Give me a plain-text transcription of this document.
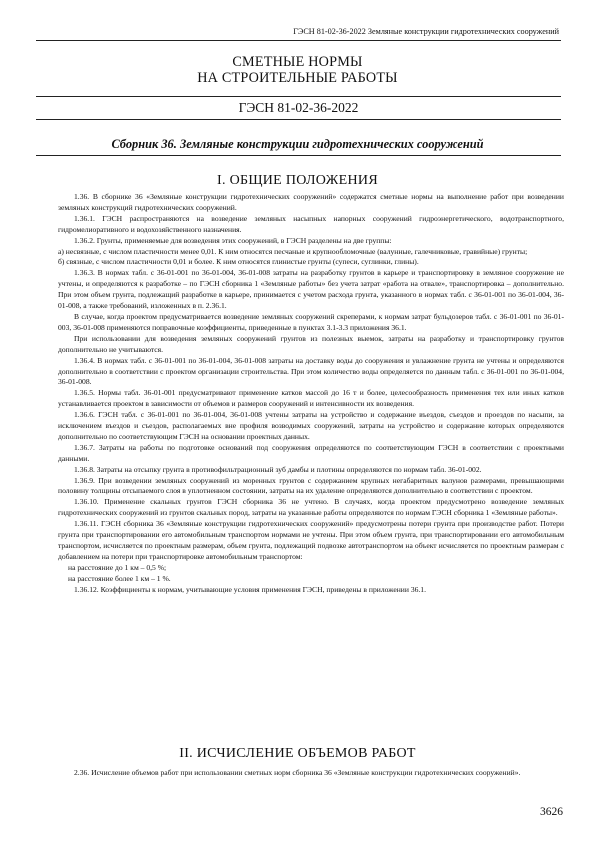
ГЭСН 81-02-36-2022 Земляные конструкции гидротехнических сооружений
СМЕТНЫЕ НОРМЫ
НА СТРОИТЕЛЬНЫЕ РАБОТЫ
ГЭСН 81-02-36-2022
Сборник 36. Земляные конструкции гидротехнических сооружений
I. ОБЩИЕ ПОЛОЖЕНИЯ

1.36. В сборнике 36 «Земляные конструкции гидротехнических сооружений» содержатся сметные нормы на выполнение работ при возведении земляных конструкций гидротехнических сооружений.

1.36.1. ГЭСН распространяются на возведение земляных насыпных напорных сооружений гидроэнергетического, водотранспортного, гидромелиоративного и водохозяйственного назначения.

1.36.2. Грунты, применяемые для возведения этих сооружений, в ГЭСН разделены на две группы:

а) несвязные, с числом пластичности менее 0,01. К ним относятся песчаные и крупнообломочные (валунные, галечниковые, гравийные) грунты;

б) связные, с числом пластичности 0,01 и более. К ним относятся глинистые грунты (супеси, суглинки, глины).

1.36.3. В нормах табл. с 36-01-001 по 36-01-004, 36-01-008 затраты на разработку грунтов в карьере и транспортировку в земляное сооружение не учтены, и определяются к разработке – по ГЭСН сборника 1 «Земляные работы» без учета затрат «работа на отвале», транспортировка – дополнительно. При этом объем грунта, подлежащий разработке в карьере, принимается с учетом расхода грунта, указанного в нормах табл. с 36-01-001 по 36-01-004, 36-01-008, а также требований, изложенных в п. 2.36.1.

В случае, когда проектом предусматривается возведение земляных сооружений скреперами, к нормам затрат бульдозеров табл. с 36-01-001 по 36-01-003, 36-01-008 применяются поправочные коэффициенты, приведенные в пунктах 3.1-3.3 приложения 36.1.

При использовании для возведения земляных сооружений грунтов из полезных выемок, затраты на разработку и транспортировку грунтов дополнительно не учитываются.

1.36.4. В нормах табл. с 36-01-001 по 36-01-004, 36-01-008 затраты на доставку воды до сооружения и увлажнение грунта не учтены и определяются дополнительно в соответствии с проектом организации строительства. При этом количество воды определяется по данным табл. с 36-01-001 по 36-01-004, 36-01-008.

1.36.5. Нормы табл. 36-01-001 предусматривают применение катков массой до 16 т и более, целесообразность применения тех или иных катков устанавливается проектом в зависимости от объемов и размеров сооружений и интенсивности их возведения.

1.36.6. ГЭСН табл. с 36-01-001 по 36-01-004, 36-01-008 учтены затраты на устройство и содержание въездов, съездов и проездов по насыпи, за исключением въездов и съездов, располагаемых вне профиля возводимых сооружений, затраты на устройство и содержание которых определяются дополнительно по соответствующим ГЭСН на основании проектных данных.

1.36.7. Затраты на работы по подготовке оснований под сооружения определяются по соответствующим ГЭСН в соответствии с проектными данными.

1.36.8. Затраты на отсыпку грунта в противофильтрационный зуб дамбы и плотины определяются по нормам табл. 36-01-002.

1.36.9. При возведении земляных сооружений из моренных грунтов с содержанием крупных негабаритных валунов размерами, превышающими половину толщины отсыпаемого слоя в уплотненном состоянии, затраты на их удаление определяются дополнительно в соответствии с проектом.

1.36.10. Применение скальных грунтов ГЭСН сборника 36 не учтено. В случаях, когда проектом предусмотрено возведение земляных гидротехнических сооружений из грунтов скальных пород, затраты на указанные работы определяются по нормам ГЭСН сборника 1 «Земляные работы».

1.36.11. ГЭСН сборника 36 «Земляные конструкции гидротехнических сооружений» предусмотрены потери грунта при производстве работ. Потери грунта при транспортировании его автомобильным транспортом нормами не учтены. При этом объем грунта, при транспортировании его автомобильным транспортом, исчисляется по проектным размерам, объем грунта, подлежащий подвозке автотранспортом на объект исчисляется по проектным размерам с добавлением на потери при транспортировке автомобильным транспортом:

на расстояние до 1 км – 0,5 %;

на расстояние более 1 км – 1 %.

1.36.12. Коэффициенты к нормам, учитывающие условия применения ГЭСН, приведены в приложении 36.1.

II. ИСЧИСЛЕНИЕ ОБЪЕМОВ РАБОТ

2.36. Исчисление объемов работ при использовании сметных норм сборника 36 «Земляные конструкции гидротехнических сооружений».

3626
